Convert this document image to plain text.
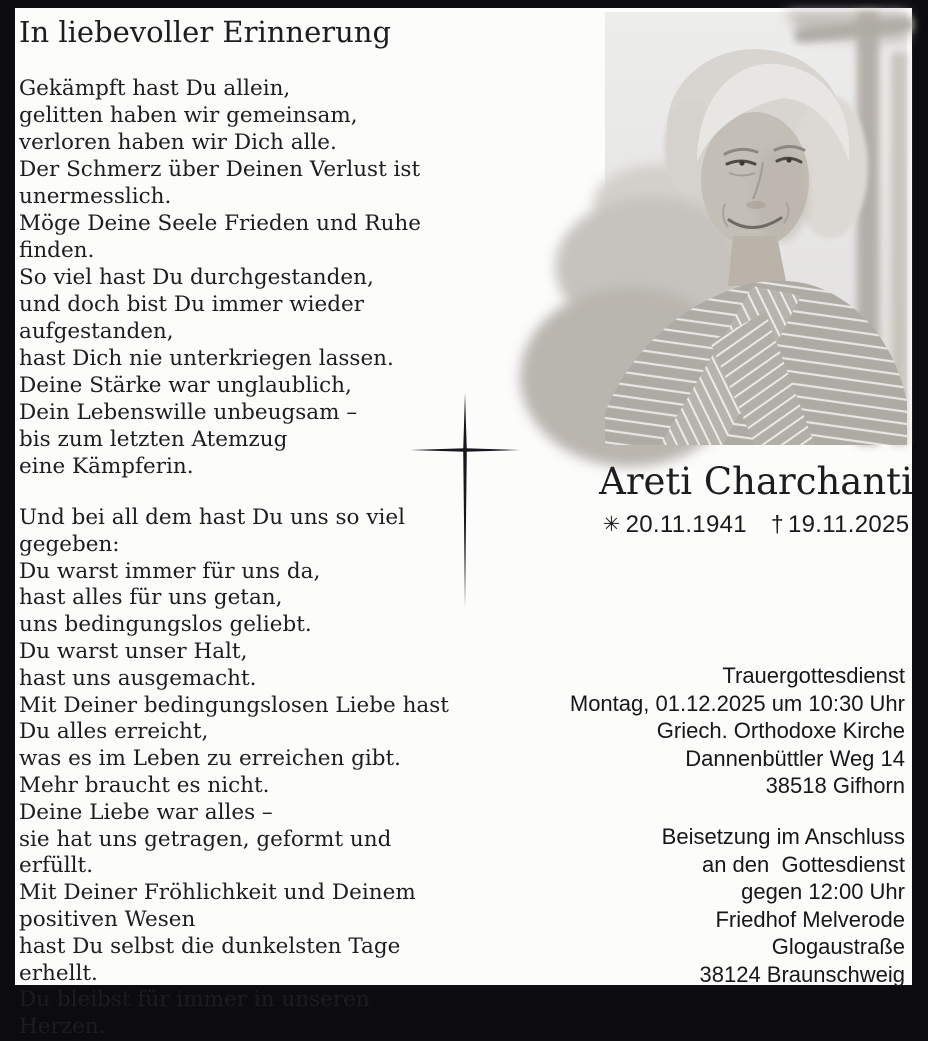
In liebevoller Erinnerung
Gekämpft hast Du allein,
gelitten haben wir gemeinsam,
verloren haben wir Dich alle.
Der Schmerz über Deinen Verlust ist
unermesslich.
Möge Deine Seele Frieden und Ruhe
finden.
So viel hast Du durchgestanden,
und doch bist Du immer wieder
aufgestanden,
hast Dich nie unterkriegen lassen.
Deine Stärke war unglaublich,
Dein Lebenswille unbeugsam –
bis zum letzten Atemzug
eine Kämpferin.
Und bei all dem hast Du uns so viel
gegeben:
Du warst immer für uns da,
hast alles für uns getan,
uns bedingungslos geliebt.
Du warst unser Halt,
hast uns ausgemacht.
Mit Deiner bedingungslosen Liebe hast
Du alles erreicht,
was es im Leben zu erreichen gibt.
Mehr braucht es nicht.
Deine Liebe war alles –
sie hat uns getragen, geformt und erfüllt.
Mit Deiner Fröhlichkeit und Deinem
positiven Wesen
hast Du selbst die dunkelsten Tage
erhellt.
Du bleibst für immer in unseren Herzen.
Areti Charchanti
✳ 20.11.1941 † 19.11.2025
Trauergottesdienst
Montag, 01.12.2025 um 10:30 Uhr
Griech. Orthodoxe Kirche
Dannenbüttler Weg 14
38518 Gifhorn
Beisetzung im Anschluss
an den  Gottesdienst
gegen 12:00 Uhr
Friedhof Melverode
Glogaustraße
38124 Braunschweig
